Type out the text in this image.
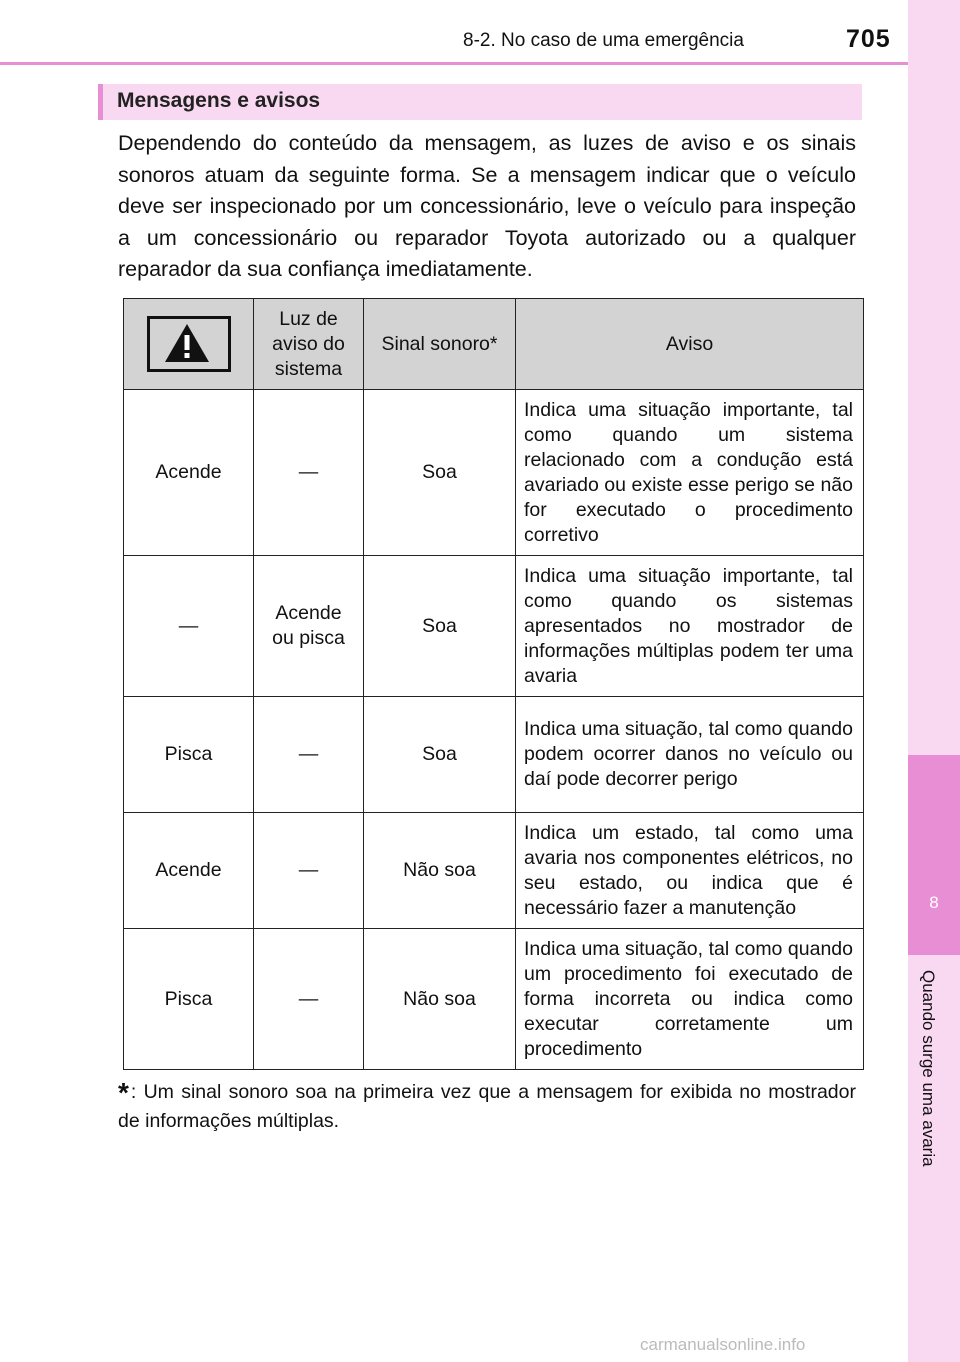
8-2. No caso de uma emergência	705
8
Quando surge uma avaria
Mensagens e avisos
Dependendo do conteúdo da mensagem, as luzes de aviso e os sinais sonoros atuam da seguinte forma. Se a mensagem indicar que o veículo deve ser inspecionado por um concessionário, leve o veículo para inspeção a um concessionário ou reparador Toyota autorizado ou a qualquer reparador da sua confiança imediatamente.
	Luz de aviso do sistema	Sinal sonoro*	Aviso
Acende	—	Soa	Indica uma situação importante, tal como quando um sistema relacionado com a condução está avariado ou existe esse perigo se não for executado o procedimento corretivo
—	Acende ou pisca	Soa	Indica uma situação importante, tal como quando os sistemas apresentados no mostrador de informações múltiplas podem ter uma avaria
Pisca	—	Soa	Indica uma situação, tal como quando podem ocorrer danos no veículo ou daí pode decorrer perigo
Acende	—	Não soa	Indica um estado, tal como uma avaria nos componentes elétricos, no seu estado, ou indica que é necessário fazer a manutenção
Pisca	—	Não soa	Indica uma situação, tal como quando um procedimento foi executado de forma incorreta ou indica como executar corretamente um procedimento
* : Um sinal sonoro soa na primeira vez que a mensagem for exibida no mostrador de informações múltiplas.
carmanualsonline.info
